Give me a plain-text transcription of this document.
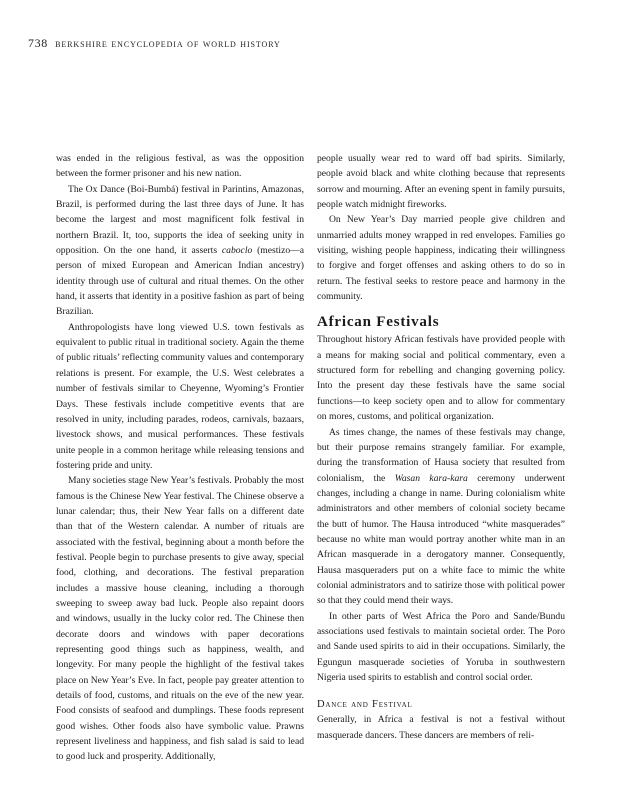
738 berkshire encyclopedia of world history

was ended in the religious festival, as was the opposition between the former prisoner and his new nation.

The Ox Dance (Boi-Bumbá) festival in Parintins, Amazonas, Brazil, is performed during the last three days of June. It has become the largest and most magnificent folk festival in northern Brazil. It, too, supports the idea of seeking unity in opposition. On the one hand, it asserts caboclo (mestizo—a person of mixed European and American Indian ancestry) identity through use of cultural and ritual themes. On the other hand, it asserts that identity in a positive fashion as part of being Brazilian.

Anthropologists have long viewed U.S. town festivals as equivalent to public ritual in traditional society. Again the theme of public rituals’ reflecting community values and contemporary relations is present. For example, the U.S. West celebrates a number of festivals similar to Cheyenne, Wyoming’s Frontier Days. These festivals include competitive events that are resolved in unity, including parades, rodeos, carnivals, bazaars, livestock shows, and musical performances. These festivals unite people in a common heritage while releasing tensions and fostering pride and unity.

Many societies stage New Year’s festivals. Probably the most famous is the Chinese New Year festival. The Chinese observe a lunar calendar; thus, their New Year falls on a different date than that of the Western calendar. A number of rituals are associated with the festival, beginning about a month before the festival. People begin to purchase presents to give away, special food, clothing, and decorations. The festival preparation includes a massive house cleaning, including a thorough sweeping to sweep away bad luck. People also repaint doors and windows, usually in the lucky color red. The Chinese then decorate doors and windows with paper decorations representing good things such as happiness, wealth, and longevity. For many people the highlight of the festival takes place on New Year’s Eve. In fact, people pay greater attention to details of food, customs, and rituals on the eve of the new year. Food consists of seafood and dumplings. These foods represent good wishes. Other foods also have symbolic value. Prawns represent liveliness and happiness, and fish salad is said to lead to good luck and prosperity. Additionally,

people usually wear red to ward off bad spirits. Similarly, people avoid black and white clothing because that represents sorrow and mourning. After an evening spent in family pursuits, people watch midnight fireworks.

On New Year’s Day married people give children and unmarried adults money wrapped in red envelopes. Families go visiting, wishing people happiness, indicating their willingness to forgive and forget offenses and asking others to do so in return. The festival seeks to restore peace and harmony in the community.

African Festivals

Throughout history African festivals have provided people with a means for making social and political commentary, even a structured form for rebelling and changing governing policy. Into the present day these festivals have the same social functions—to keep society open and to allow for commentary on mores, customs, and political organization.

As times change, the names of these festivals may change, but their purpose remains strangely familiar. For example, during the transformation of Hausa society that resulted from colonialism, the Wasan kara-kara ceremony underwent changes, including a change in name. During colonialism white administrators and other members of colonial society became the butt of humor. The Hausa introduced “white masquerades” because no white man would portray another white man in an African masquerade in a derogatory manner. Consequently, Hausa masqueraders put on a white face to mimic the white colonial administrators and to satirize those with political power so that they could mend their ways.

In other parts of West Africa the Poro and Sande/Bundu associations used festivals to maintain societal order. The Poro and Sande used spirits to aid in their occupations. Similarly, the Egungun masquerade societies of Yoruba in southwestern Nigeria used spirits to establish and control social order.

Dance and Festival

Generally, in Africa a festival is not a festival without masquerade dancers. These dancers are members of reli-
